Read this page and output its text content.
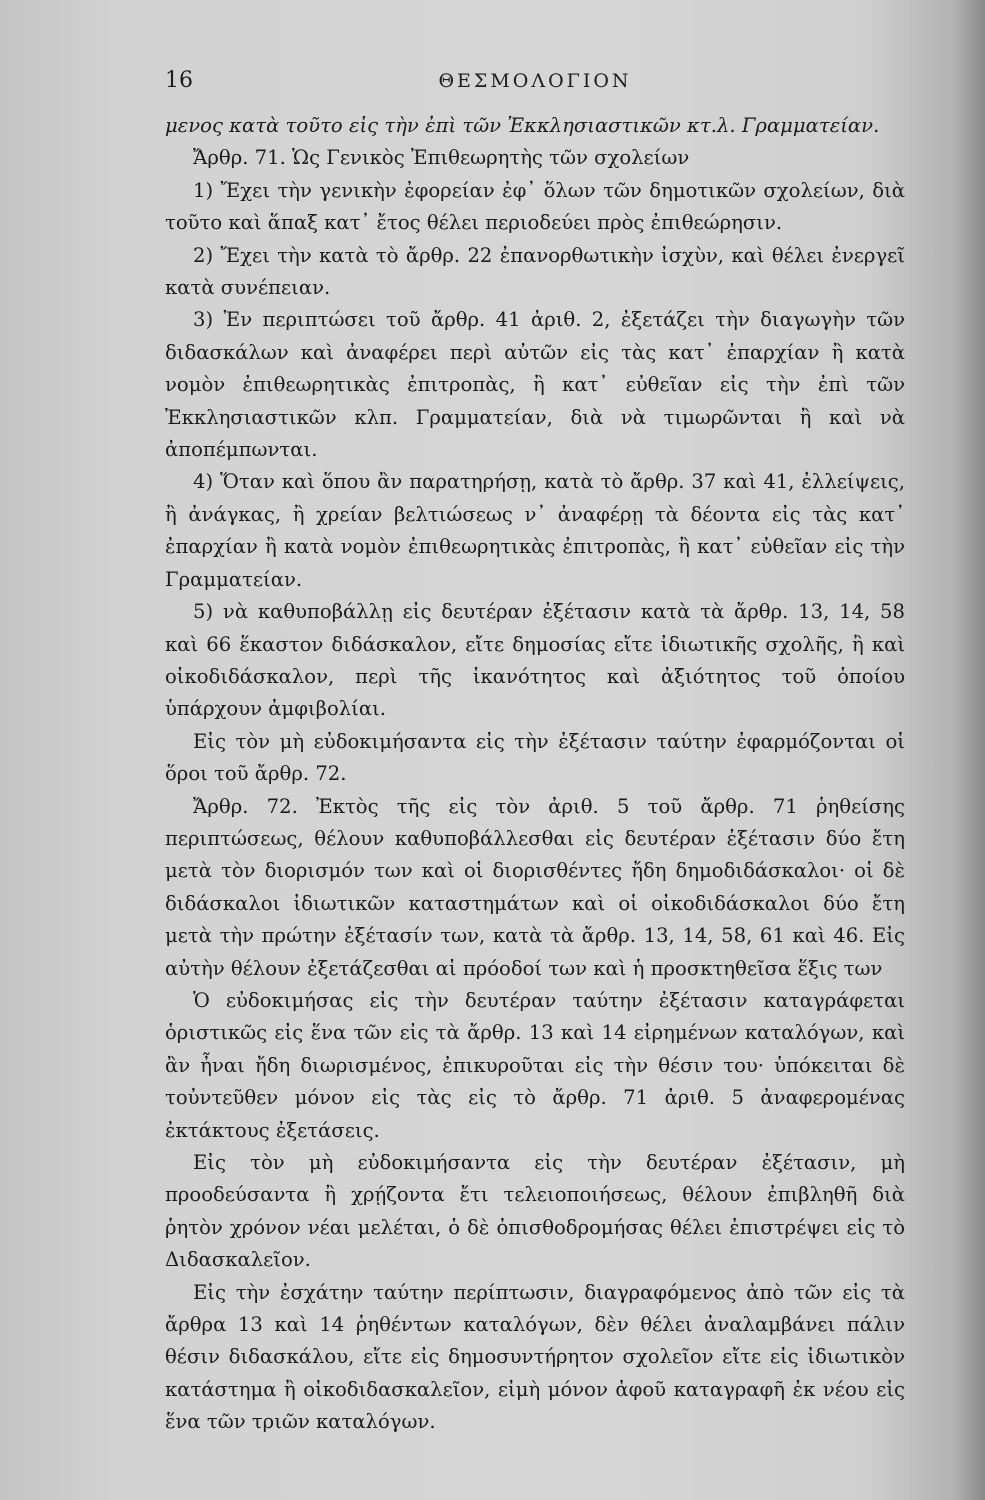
16	ΘΕΣΜΟΛΟΓΙΟΝ

μενος κατὰ τοῦτο εἰς τὴν ἐπὶ τῶν Ἐκκλησιαστικῶν κτ.λ. Γραμματείαν.

Ἄρθρ. 71. Ὡς Γενικὸς Ἐπιθεωρητὴς τῶν σχολείων

1) Ἔχει τὴν γενικὴν ἐφορείαν ἐφ᾽ ὅλων τῶν δημοτικῶν σχολείων, διὰ τοῦτο καὶ ἅπαξ κατ᾽ ἔτος θέλει περιοδεύει πρὸς ἐπιθεώρησιν.

2) Ἔχει τὴν κατὰ τὸ ἄρθρ. 22 ἐπανορθωτικὴν ἰσχὺν, καὶ θέλει ἐνεργεῖ κατὰ συνέπειαν.

3) Ἐν περιπτώσει τοῦ ἄρθρ. 41 ἀριθ. 2, ἐξετάζει τὴν διαγωγὴν τῶν διδασκάλων καὶ ἀναφέρει περὶ αὐτῶν εἰς τὰς κατ᾽ ἐπαρχίαν ἢ κατὰ νομὸν ἐπιθεωρητικὰς ἐπιτροπὰς, ἢ κατ᾽ εὐθεῖαν εἰς τὴν ἐπὶ τῶν Ἐκκλησιαστικῶν κλπ. Γραμματείαν, διὰ νὰ τιμωρῶνται ἢ καὶ νὰ ἀποπέμπωνται.

4) Ὅταν καὶ ὅπου ἂν παρατηρήσῃ, κατὰ τὸ ἄρθρ. 37 καὶ 41, ἐλλείψεις, ἢ ἀνάγκας, ἢ χρείαν βελτιώσεως ν᾽ ἀναφέρῃ τὰ δέοντα εἰς τὰς κατ᾽ ἐπαρχίαν ἢ κατὰ νομὸν ἐπιθεωρητικὰς ἐπιτροπὰς, ἢ κατ᾽ εὐθεῖαν εἰς τὴν Γραμματείαν.

5) νὰ καθυποβάλλῃ εἰς δευτέραν ἐξέτασιν κατὰ τὰ ἄρθρ. 13, 14, 58 καὶ 66 ἕκαστον διδάσκαλον, εἴτε δημοσίας εἴτε ἰδιωτικῆς σχολῆς, ἢ καὶ οἰκοδιδάσκαλον, περὶ τῆς ἱκανότητος καὶ ἀξιότητος τοῦ ὁποίου ὑπάρχουν ἀμφιβολίαι.

Εἰς τὸν μὴ εὐδοκιμήσαντα εἰς τὴν ἐξέτασιν ταύτην ἐφαρμόζονται οἱ ὅροι τοῦ ἄρθρ. 72.

Ἄρθρ. 72. Ἐκτὸς τῆς εἰς τὸν ἀριθ. 5 τοῦ ἄρθρ. 71 ῥηθείσης περιπτώσεως, θέλουν καθυποβάλλεσθαι εἰς δευτέραν ἐξέτασιν δύο ἔτη μετὰ τὸν διορισμόν των καὶ οἱ διορισθέντες ἤδη δημοδιδάσκαλοι· οἱ δὲ διδάσκαλοι ἰδιωτικῶν καταστημάτων καὶ οἱ οἰκοδιδάσκαλοι δύο ἔτη μετὰ τὴν πρώτην ἐξέτασίν των, κατὰ τὰ ἄρθρ. 13, 14, 58, 61 καὶ 46. Εἰς αὐτὴν θέλουν ἐξετάζεσθαι αἱ πρόοδοί των καὶ ἡ προσκτηθεῖσα ἕξις των

Ὁ εὐδοκιμήσας εἰς τὴν δευτέραν ταύτην ἐξέτασιν καταγράφεται ὁριστικῶς εἰς ἕνα τῶν εἰς τὰ ἄρθρ. 13 καὶ 14 εἰρημένων καταλόγων, καὶ ἂν ἦναι ἤδη διωρισμένος, ἐπικυροῦται εἰς τὴν θέσιν του· ὑπόκειται δὲ τοὐντεῦθεν μόνον εἰς τὰς εἰς τὸ ἄρθρ. 71 ἀριθ. 5 ἀναφερομένας ἐκτάκτους ἐξετάσεις.

Εἰς τὸν μὴ εὐδοκιμήσαντα εἰς τὴν δευτέραν ἐξέτασιν, μὴ προοδεύσαντα ἢ χρῄζοντα ἔτι τελειοποιήσεως, θέλουν ἐπιβληθῆ διὰ ῥητὸν χρόνον νέαι μελέται, ὁ δὲ ὀπισθοδρομήσας θέλει ἐπιστρέψει εἰς τὸ Διδασκαλεῖον.

Εἰς τὴν ἐσχάτην ταύτην περίπτωσιν, διαγραφόμενος ἀπὸ τῶν εἰς τὰ ἄρθρα 13 καὶ 14 ῥηθέντων καταλόγων, δὲν θέλει ἀναλαμβάνει πάλιν θέσιν διδασκάλου, εἴτε εἰς δημοσυντήρητον σχολεῖον εἴτε εἰς ἰδιωτικὸν κατάστημα ἢ οἰκοδιδασκαλεῖον, εἰμὴ μόνον ἀφοῦ καταγραφῆ ἐκ νέου εἰς ἕνα τῶν τριῶν καταλόγων.
